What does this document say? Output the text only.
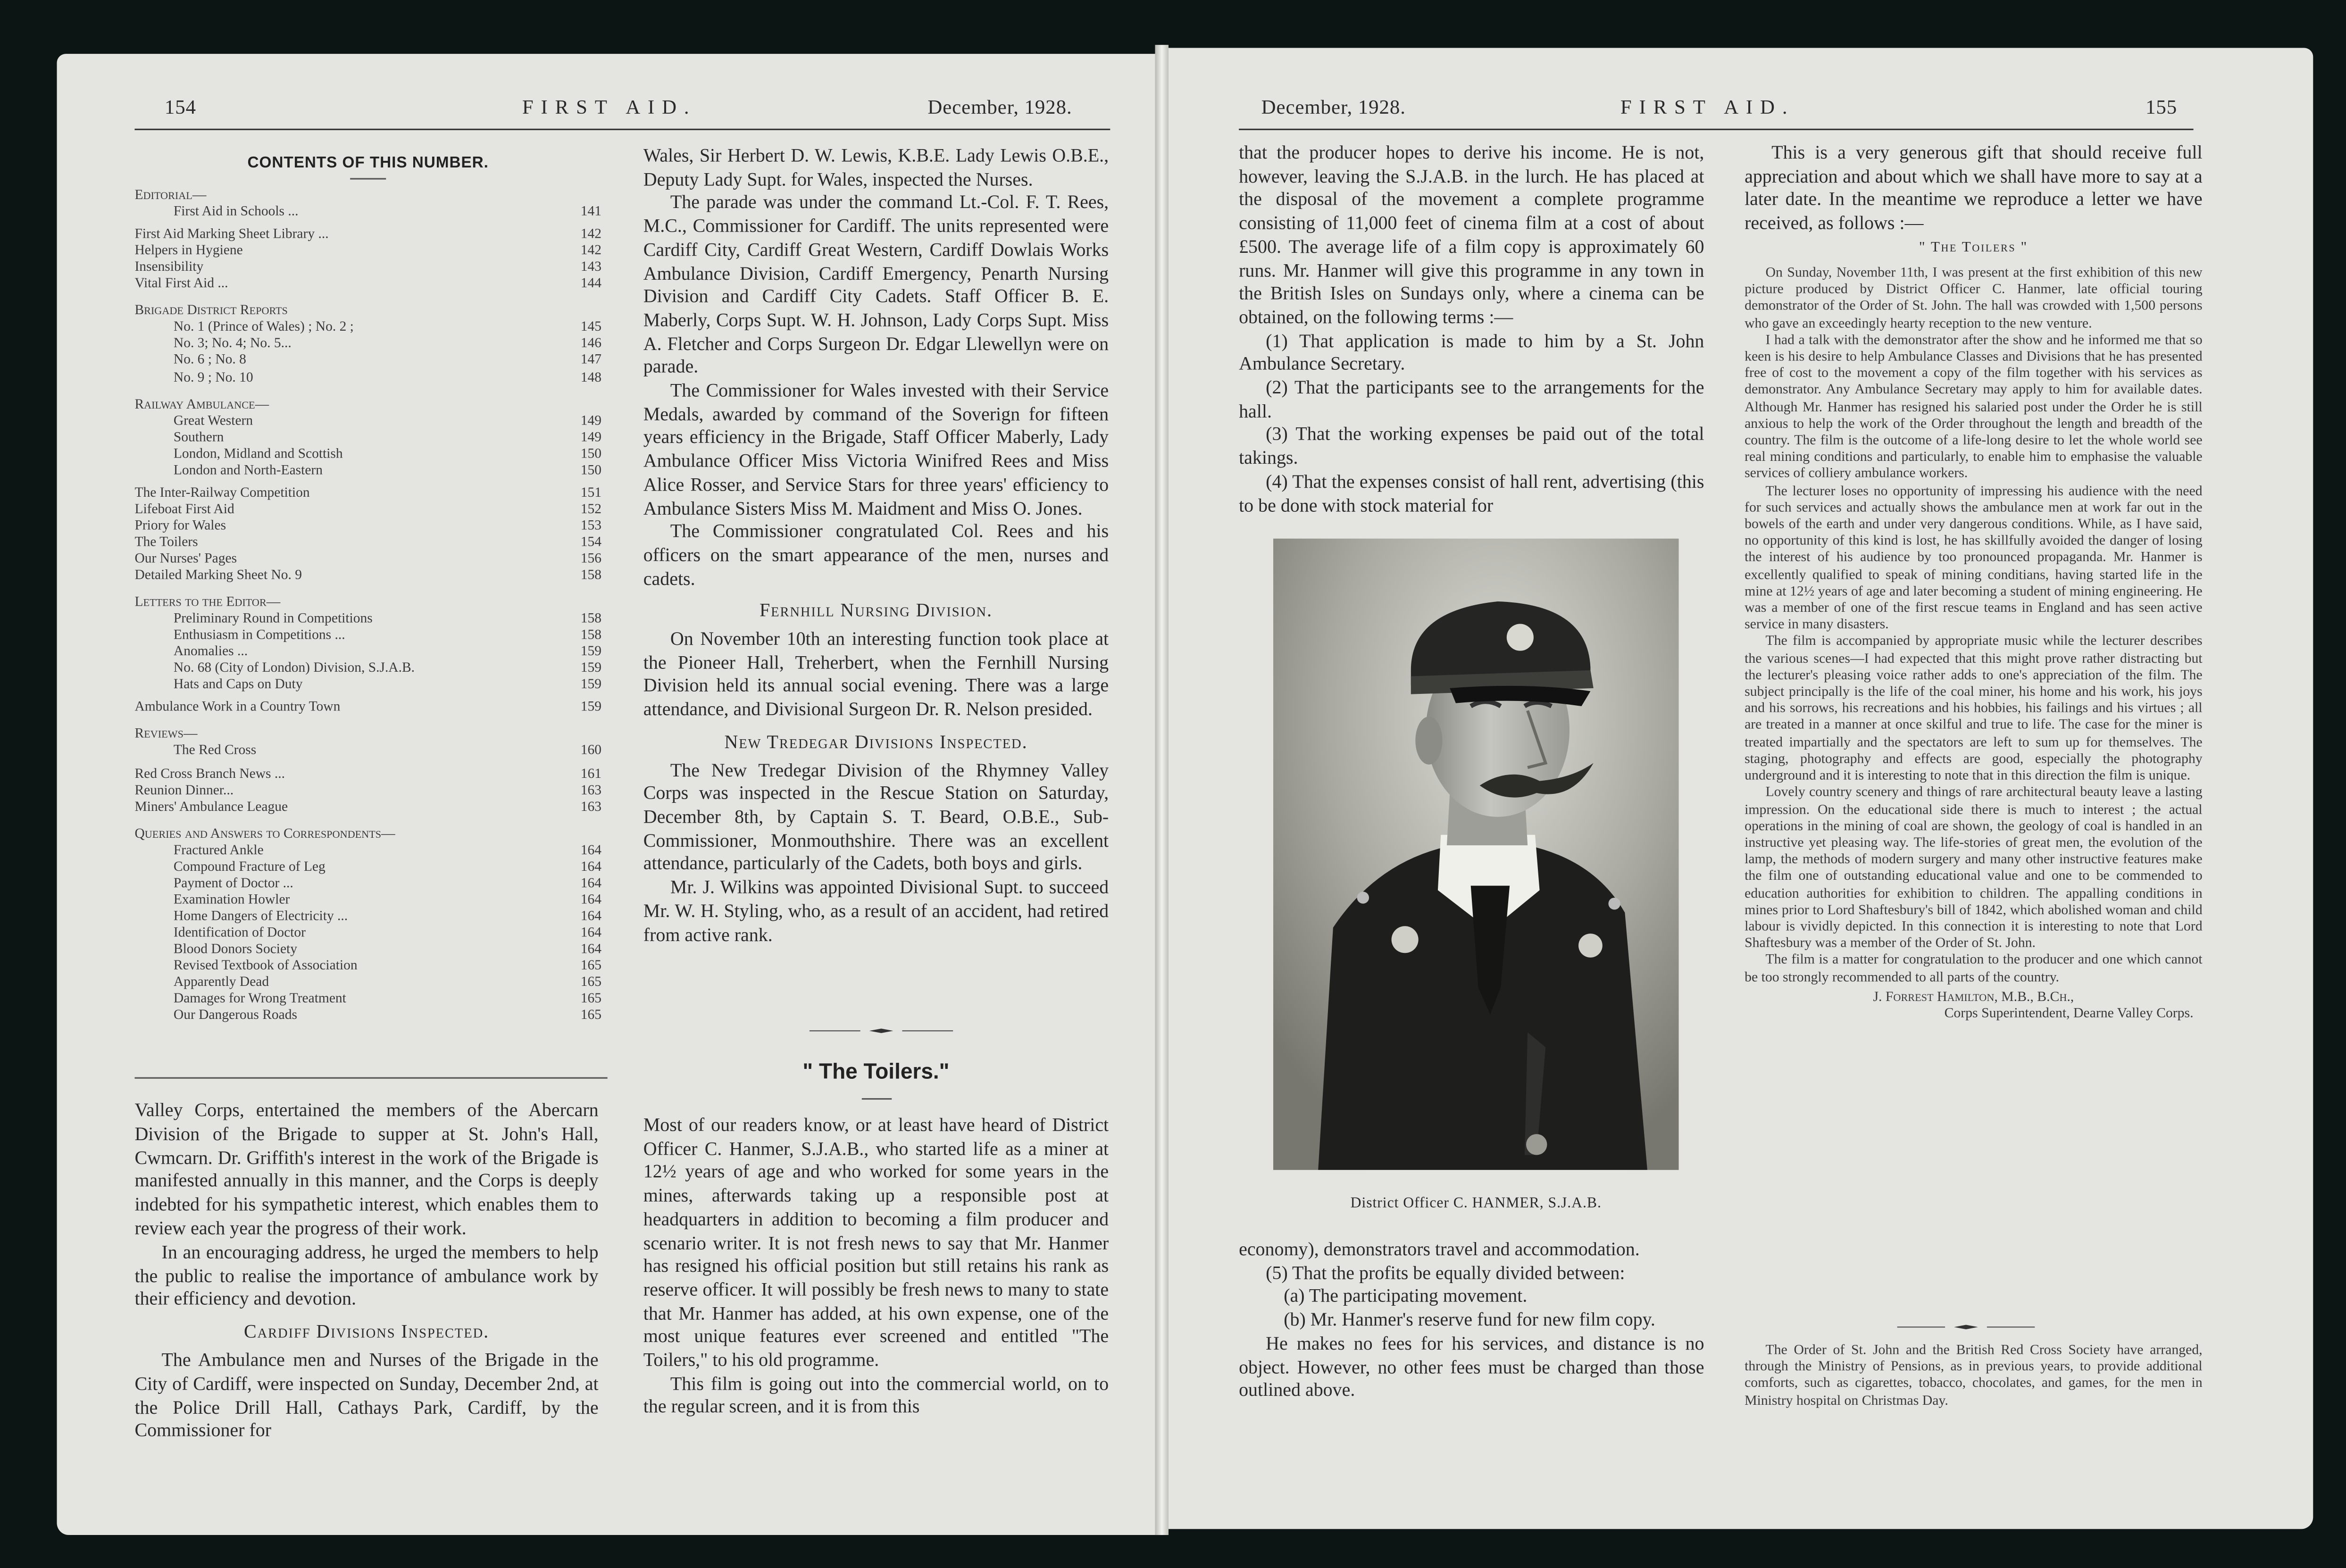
154	FIRST AID.	December, 1928.
CONTENTS OF THIS NUMBER.
Editorial—
First Aid in Schools ...	141
First Aid Marking Sheet Library ...	142
Helpers in Hygiene	142
Insensibility	143
Vital First Aid ...	144
Brigade District Reports
No. 1 (Prince of Wales) ; No. 2 ;	145
No. 3; No. 4; No. 5...	146
No. 6 ; No. 8	147
No. 9 ; No. 10	148
Railway Ambulance—
Great Western	149
Southern	149
London, Midland and Scottish	150
London and North-Eastern	150
The Inter-Railway Competition	151
Lifeboat First Aid	152
Priory for Wales	153
The Toilers	154
Our Nurses' Pages	156
Detailed Marking Sheet No. 9	158
Letters to the Editor—
Preliminary Round in Competitions	158
Enthusiasm in Competitions ...	158
Anomalies ...	159
No. 68 (City of London) Division, S.J.A.B.	159
Hats and Caps on Duty	159
Ambulance Work in a Country Town	159
Reviews—
The Red Cross	160
Red Cross Branch News ...	161
Reunion Dinner...	163
Miners' Ambulance League	163
Queries and Answers to Correspondents—
Fractured Ankle	164
Compound Fracture of Leg	164
Payment of Doctor ...	164
Examination Howler	164
Home Dangers of Electricity ...	164
Identification of Doctor	164
Blood Donors Society	164
Revised Textbook of Association	165
Apparently Dead	165
Damages for Wrong Treatment	165
Our Dangerous Roads	165

Valley Corps, entertained the members of the Abercarn Division of the Brigade to supper at St. John's Hall, Cwmcarn. Dr. Griffith's interest in the work of the Brigade is manifested annually in this manner, and the Corps is deeply indebted for his sympathetic interest, which enables them to review each year the progress of their work.

In an encouraging address, he urged the members to help the public to realise the importance of ambulance work by their efficiency and devotion.

Cardiff Divisions Inspected.

The Ambulance men and Nurses of the Brigade in the City of Cardiff, were inspected on Sunday, December 2nd, at the Police Drill Hall, Cathays Park, Cardiff, by the Commissioner for

Wales, Sir Herbert D. W. Lewis, K.B.E. Lady Lewis O.B.E., Deputy Lady Supt. for Wales, inspected the Nurses.

The parade was under the command Lt.-Col. F. T. Rees, M.C., Commissioner for Cardiff. The units represented were Cardiff City, Cardiff Great Western, Cardiff Dowlais Works Ambulance Division, Cardiff Emergency, Penarth Nursing Division and Cardiff City Cadets. Staff Officer B. E. Maberly, Corps Supt. W. H. Johnson, Lady Corps Supt. Miss A. Fletcher and Corps Surgeon Dr. Edgar Llewellyn were on parade.

The Commissioner for Wales invested with their Service Medals, awarded by command of the Soverign for fifteen years efficiency in the Brigade, Staff Officer Maberly, Lady Ambulance Officer Miss Victoria Winifred Rees and Miss Alice Rosser, and Service Stars for three years' efficiency to Ambulance Sisters Miss M. Maidment and Miss O. Jones.

The Commissioner congratulated Col. Rees and his officers on the smart appearance of the men, nurses and cadets.

Fernhill Nursing Division.

On November 10th an interesting function took place at the Pioneer Hall, Treherbert, when the Fernhill Nursing Division held its annual social evening. There was a large attendance, and Divisional Surgeon Dr. R. Nelson presided.

New Tredegar Divisions Inspected.

The New Tredegar Division of the Rhymney Valley Corps was inspected in the Rescue Station on Saturday, December 8th, by Captain S. T. Beard, O.B.E., Sub-Commissioner, Monmouthshire. There was an excellent attendance, particularly of the Cadets, both boys and girls.

Mr. J. Wilkins was appointed Divisional Supt. to succeed Mr. W. H. Styling, who, as a result of an accident, had retired from active rank.

" The Toilers."

Most of our readers know, or at least have heard of District Officer C. Hanmer, S.J.A.B., who started life as a miner at 12½ years of age and who worked for some years in the mines, afterwards taking up a responsible post at headquarters in addition to becoming a film producer and scenario writer. It is not fresh news to say that Mr. Hanmer has resigned his official position but still retains his rank as reserve officer. It will possibly be fresh news to many to state that Mr. Hanmer has added, at his own expense, one of the most unique features ever screened and entitled "The Toilers," to his old programme.

This film is going out into the commercial world, on to the regular screen, and it is from this

December, 1928.	FIRST AID.	155

that the producer hopes to derive his income. He is not, however, leaving the S.J.A.B. in the lurch. He has placed at the disposal of the movement a complete programme consisting of 11,000 feet of cinema film at a cost of about £500. The average life of a film copy is approximately 60 runs. Mr. Hanmer will give this programme in any town in the British Isles on Sundays only, where a cinema can be obtained, on the following terms :—

(1) That application is made to him by a St. John Ambulance Secretary.

(2) That the participants see to the arrangements for the hall.

(3) That the working expenses be paid out of the total takings.

(4) That the expenses consist of hall rent, advertising (this to be done with stock material for

District Officer C. HANMER, S.J.A.B.

economy), demonstrators travel and accommodation.

(5) That the profits be equally divided between:

(a) The participating movement.

(b) Mr. Hanmer's reserve fund for new film copy.

He makes no fees for his services, and distance is no object. However, no other fees must be charged than those outlined above.

This is a very generous gift that should receive full appreciation and about which we shall have more to say at a later date. In the meantime we reproduce a letter we have received, as follows :—

" The Toilers "

On Sunday, November 11th, I was present at the first exhibition of this new picture produced by District Officer C. Hanmer, late official touring demonstrator of the Order of St. John. The hall was crowded with 1,500 persons who gave an exceedingly hearty reception to the new venture.

I had a talk with the demonstrator after the show and he informed me that so keen is his desire to help Ambulance Classes and Divisions that he has presented free of cost to the movement a copy of the film together with his services as demonstrator. Any Ambulance Secretary may apply to him for available dates. Although Mr. Hanmer has resigned his salaried post under the Order he is still anxious to help the work of the Order throughout the length and breadth of the country. The film is the outcome of a life-long desire to let the whole world see real mining conditions and particularly, to enable him to emphasise the valuable services of colliery ambulance workers.

The lecturer loses no opportunity of impressing his audience with the need for such services and actually shows the ambulance men at work far out in the bowels of the earth and under very dangerous conditions. While, as I have said, no opportunity of this kind is lost, he has skillfully avoided the danger of losing the interest of his audience by too pronounced propaganda. Mr. Hanmer is excellently qualified to speak of mining conditians, having started life in the mine at 12½ years of age and later becoming a student of mining engineering. He was a member of one of the first rescue teams in England and has seen active service in many disasters.

The film is accompanied by appropriate music while the lecturer describes the various scenes—I had expected that this might prove rather distracting but the lecturer's pleasing voice rather adds to one's appreciation of the film. The subject principally is the life of the coal miner, his home and his work, his joys and his sorrows, his recreations and his hobbies, his failings and his virtues ; all are treated in a manner at once skilful and true to life. The case for the miner is treated impartially and the spectators are left to sum up for themselves. The staging, photography and effects are good, especially the photography underground and it is interesting to note that in this direction the film is unique.

Lovely country scenery and things of rare architectural beauty leave a lasting impression. On the educational side there is much to interest ; the actual operations in the mining of coal are shown, the geology of coal is handled in an instructive yet pleasing way. The life-stories of great men, the evolution of the lamp, the methods of modern surgery and many other instructive features make the film one of outstanding educational value and one to be commended to education authorities for exhibition to children. The appalling conditions in mines prior to Lord Shaftesbury's bill of 1842, which abolished woman and child labour is vividly depicted. In this connection it is interesting to note that Lord Shaftesbury was a member of the Order of St. John.

The film is a matter for congratulation to the producer and one which cannot be too strongly recommended to all parts of the country.

J. Forrest Hamilton, M.B., B.Ch.,
Corps Superintendent, Dearne Valley Corps.

The Order of St. John and the British Red Cross Society have arranged, through the Ministry of Pensions, as in previous years, to provide additional comforts, such as cigarettes, tobacco, chocolates, and games, for the men in Ministry hospital on Christmas Day.
